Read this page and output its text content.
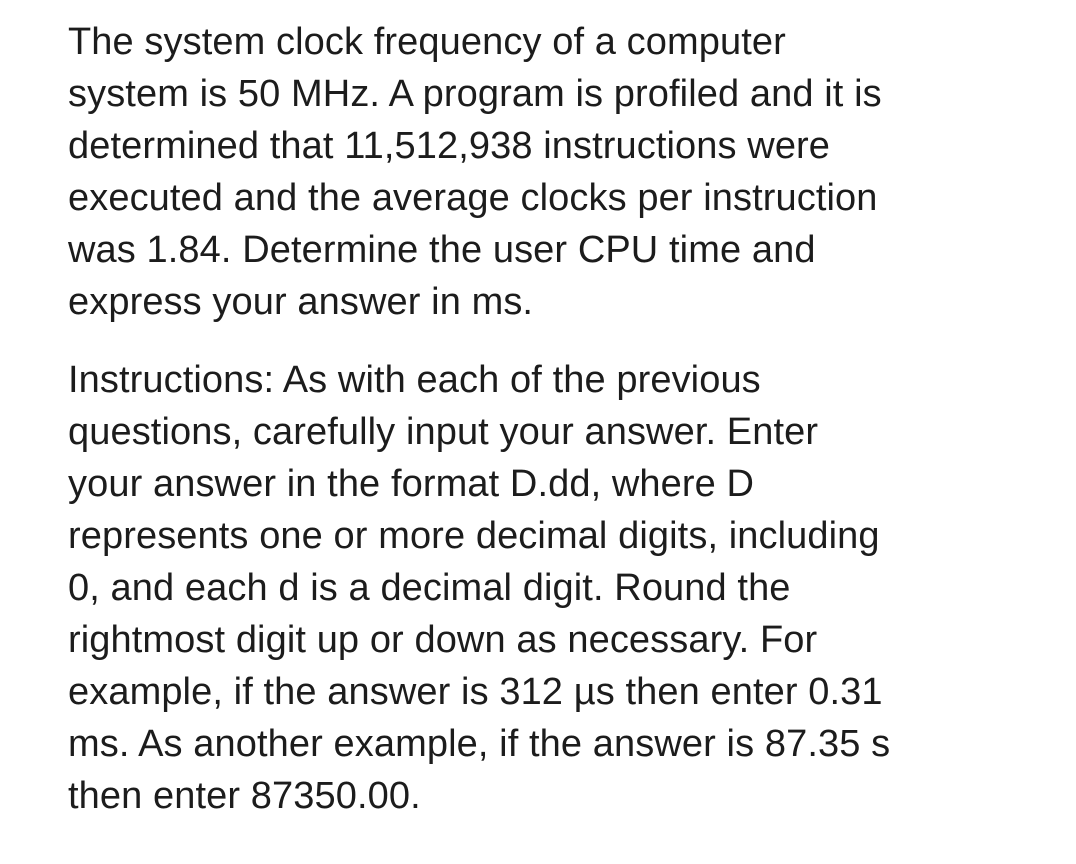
The system clock frequency of a computer
system is 50 MHz. A program is profiled and it is
determined that 11,512,938 instructions were
executed and the average clocks per instruction
was 1.84. Determine the user CPU time and
express your answer in ms.
Instructions: As with each of the previous
questions, carefully input your answer. Enter
your answer in the format D.dd, where D
represents one or more decimal digits, including
0, and each d is a decimal digit. Round the
rightmost digit up or down as necessary. For
example, if the answer is 312 µs then enter 0.31
ms. As another example, if the answer is 87.35 s
then enter 87350.00.
